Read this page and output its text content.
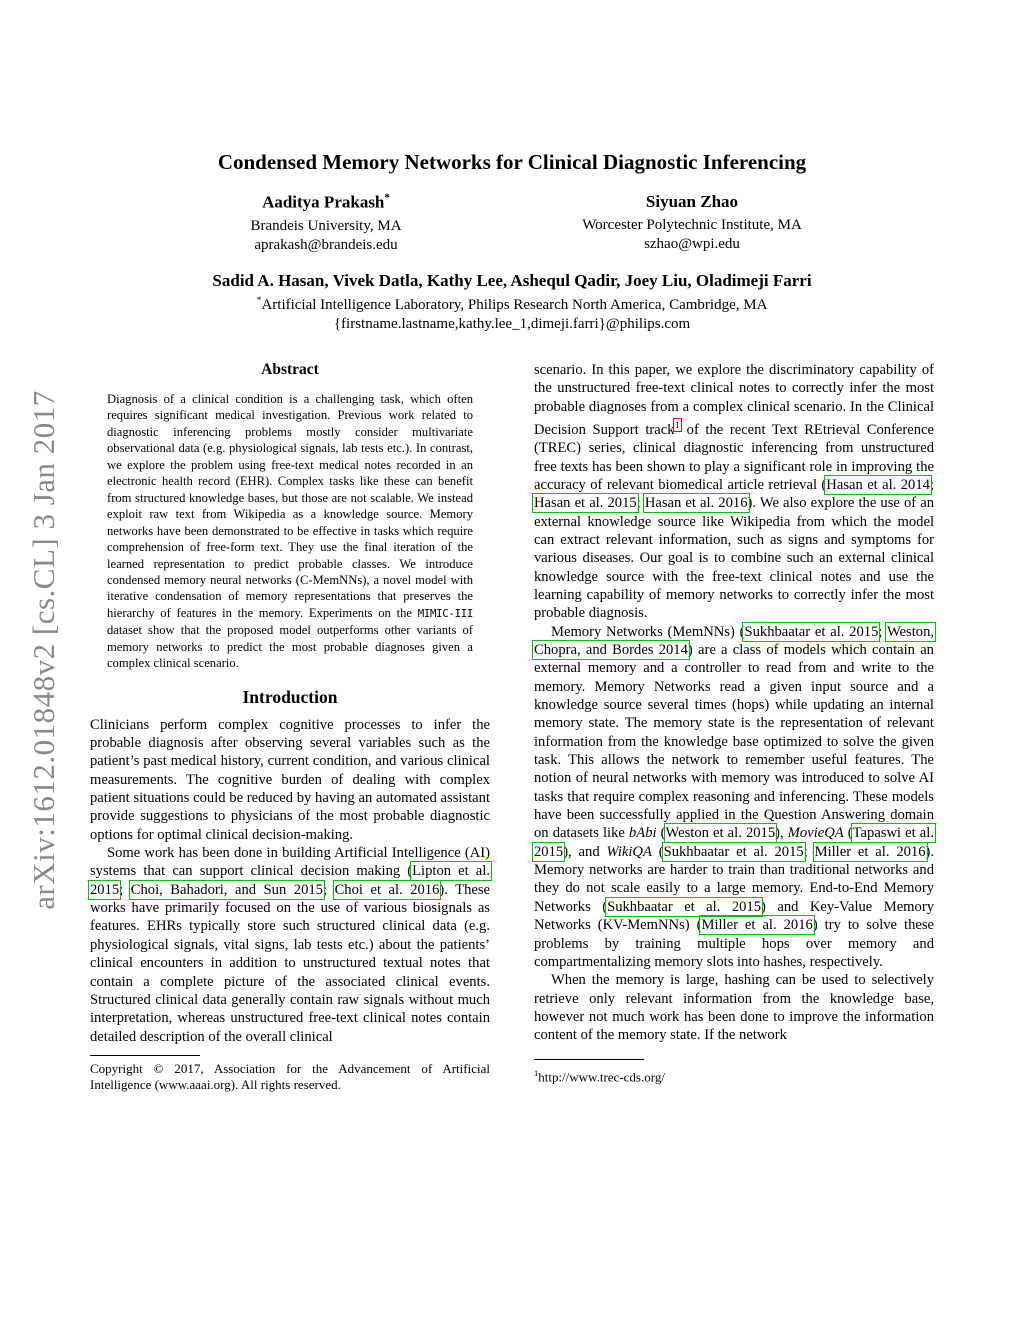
arXiv:1612.01848v2 [cs.CL] 3 Jan 2017
Condensed Memory Networks for Clinical Diagnostic Inferencing
Aaditya Prakash*
Brandeis University, MA
aprakash@brandeis.edu
Siyuan Zhao
Worcester Polytechnic Institute, MA
szhao@wpi.edu
Sadid A. Hasan, Vivek Datla, Kathy Lee, Ashequl Qadir, Joey Liu, Oladimeji Farri
*Artificial Intelligence Laboratory, Philips Research North America, Cambridge, MA
{firstname.lastname,kathy.lee_1,dimeji.farri}@philips.com
Abstract

Diagnosis of a clinical condition is a challenging task, which often requires significant medical investigation. Previous work related to diagnostic inferencing problems mostly consider multivariate observational data (e.g. physiological signals, lab tests etc.). In contrast, we explore the problem using free-text medical notes recorded in an electronic health record (EHR). Complex tasks like these can benefit from structured knowledge bases, but those are not scalable. We instead exploit raw text from Wikipedia as a knowledge source. Memory networks have been demonstrated to be effective in tasks which require comprehension of free-form text. They use the final iteration of the learned representation to predict probable classes. We introduce condensed memory neural networks (C-MemNNs), a novel model with iterative condensation of memory representations that preserves the hierarchy of features in the memory. Experiments on the MIMIC-III dataset show that the proposed model outperforms other variants of memory networks to predict the most probable diagnoses given a complex clinical scenario.

Introduction

Clinicians perform complex cognitive processes to infer the probable diagnosis after observing several variables such as the patient’s past medical history, current condition, and various clinical measurements. The cognitive burden of dealing with complex patient situations could be reduced by having an automated assistant provide suggestions to physicians of the most probable diagnostic options for optimal clinical decision-making.

Some work has been done in building Artificial Intelligence (AI) systems that can support clinical decision making (Lipton et al. 2015; Choi, Bahadori, and Sun 2015; Choi et al. 2016). These works have primarily focused on the use of various biosignals as features. EHRs typically store such structured clinical data (e.g. physiological signals, vital signs, lab tests etc.) about the patients’ clinical encounters in addition to unstructured textual notes that contain a complete picture of the associated clinical events. Structured clinical data generally contain raw signals without much interpretation, whereas unstructured free-text clinical notes contain detailed description of the overall clinical

Copyright © 2017, Association for the Advancement of Artificial Intelligence (www.aaai.org). All rights reserved.

scenario. In this paper, we explore the discriminatory capability of the unstructured free-text clinical notes to correctly infer the most probable diagnoses from a complex clinical scenario. In the Clinical Decision Support track$^1$ of the recent Text REtrieval Conference (TREC) series, clinical diagnostic inferencing from unstructured free texts has been shown to play a significant role in improving the accuracy of relevant biomedical article retrieval (Hasan et al. 2014; Hasan et al. 2015; Hasan et al. 2016). We also explore the use of an external knowledge source like Wikipedia from which the model can extract relevant information, such as signs and symptoms for various diseases. Our goal is to combine such an external clinical knowledge source with the free-text clinical notes and use the learning capability of memory networks to correctly infer the most probable diagnosis.

Memory Networks (MemNNs) (Sukhbaatar et al. 2015; Weston, Chopra, and Bordes 2014) are a class of models which contain an external memory and a controller to read from and write to the memory. Memory Networks read a given input source and a knowledge source several times (hops) while updating an internal memory state. The memory state is the representation of relevant information from the knowledge base optimized to solve the given task. This allows the network to remember useful features. The notion of neural networks with memory was introduced to solve AI tasks that require complex reasoning and inferencing. These models have been successfully applied in the Question Answering domain on datasets like bAbi (Weston et al. 2015), MovieQA (Tapaswi et al. 2015), and WikiQA (Sukhbaatar et al. 2015; Miller et al. 2016). Memory networks are harder to train than traditional networks and they do not scale easily to a large memory. End-to-End Memory Networks (Sukhbaatar et al. 2015) and Key-Value Memory Networks (KV-MemNNs) (Miller et al. 2016) try to solve these problems by training multiple hops over memory and compartmentalizing memory slots into hashes, respectively.

When the memory is large, hashing can be used to selectively retrieve only relevant information from the knowledge base, however not much work has been done to improve the information content of the memory state. If the network

$^1$http://www.trec-cds.org/
